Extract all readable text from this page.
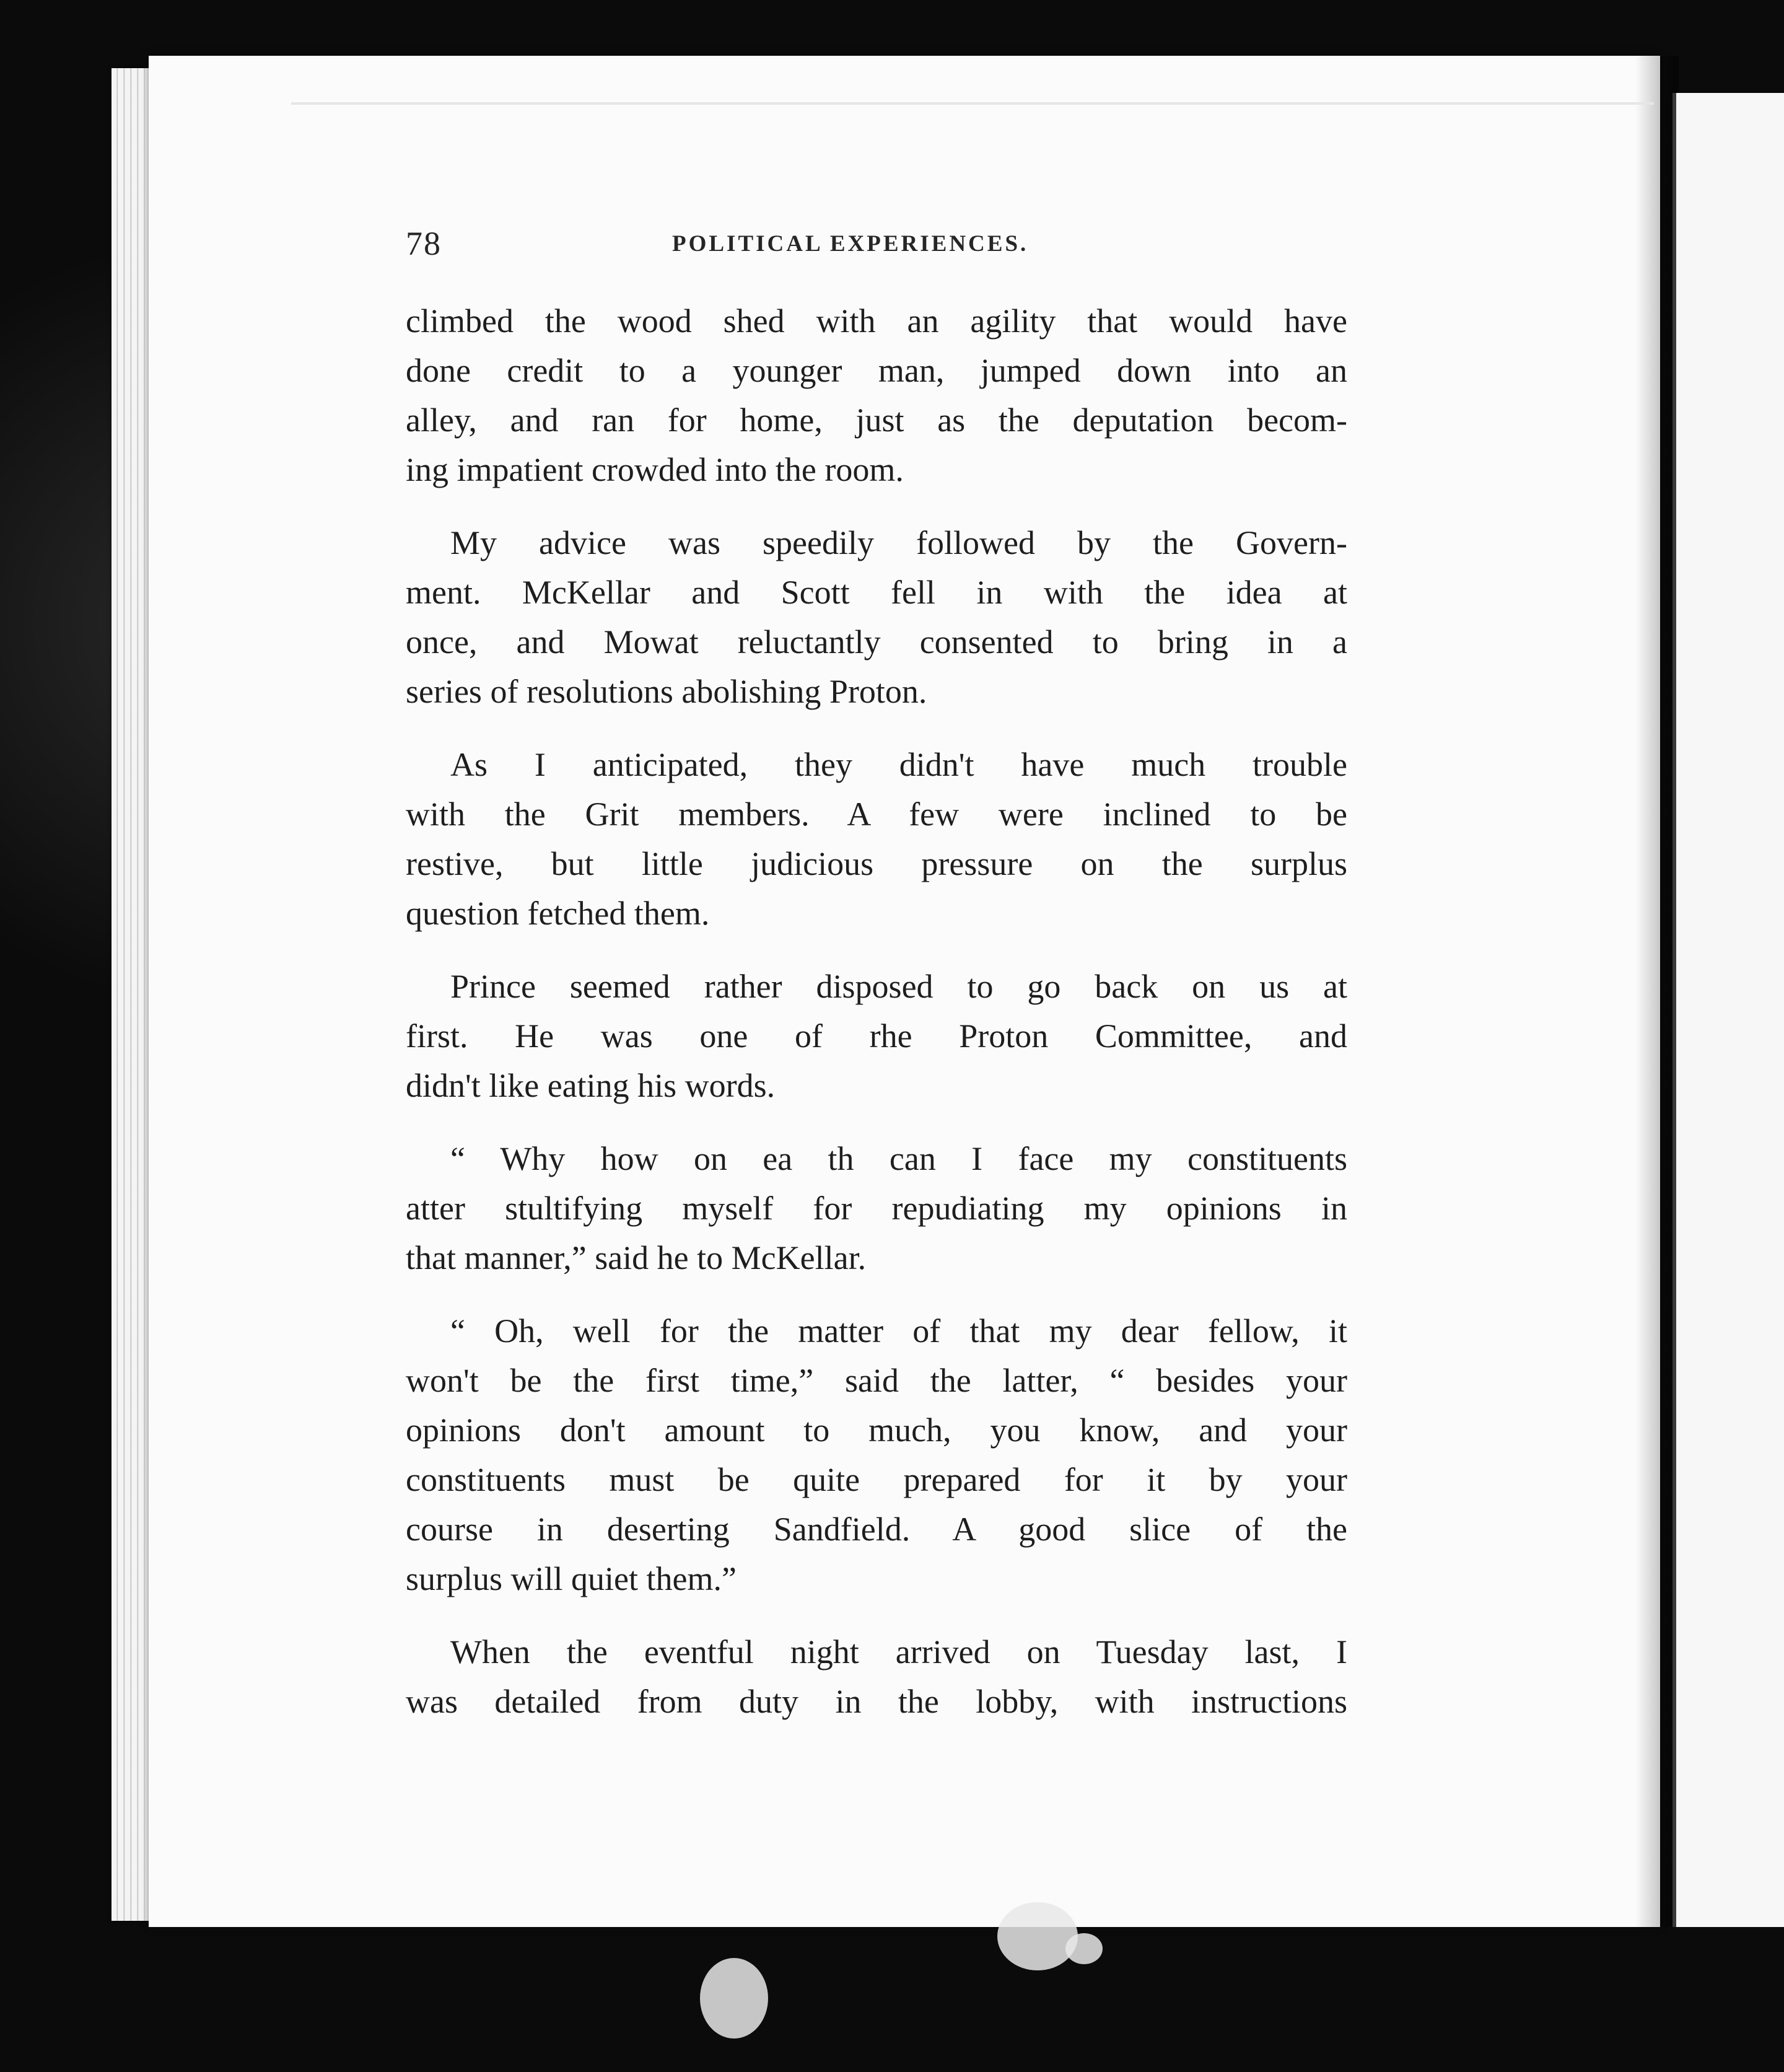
78	POLITICAL EXPERIENCES.
climbed the wood shed with an agility that would have
done credit to a younger man, jumped down into an
alley, and ran for home, just as the deputation becom-
ing impatient crowded into the room.
My advice was speedily followed by the Govern-
ment. McKellar and Scott fell in with the idea at
once, and Mowat reluctantly consented to bring in a
series of resolutions abolishing Proton.
As I anticipated, they didn't have much trouble
with the Grit members. A few were inclined to be
restive, but little judicious pressure on the surplus
question fetched them.
Prince seemed rather disposed to go back on us at
first. He was one of rhe Proton Committee, and
didn't like eating his words.
“ Why how on ea th can I face my constituents
atter stultifying myself for repudiating my opinions in
that manner,” said he to McKellar.
“ Oh, well for the matter of that my dear fellow, it
won't be the first time,” said the latter, “ besides your
opinions don't amount to much, you know, and your
constituents must be quite prepared for it by your
course in deserting Sandfield. A good slice of the
surplus will quiet them.”
When the eventful night arrived on Tuesday last, I
was detailed from duty in the lobby, with instructions
